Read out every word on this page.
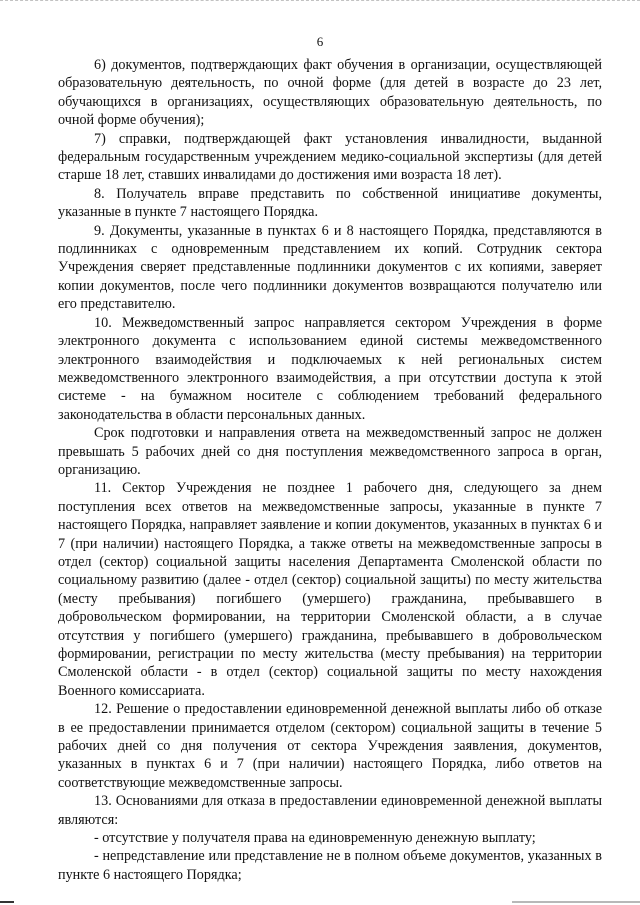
6

6) документов, подтверждающих факт обучения в организации, осуществляющей образовательную деятельность, по очной форме (для детей в возрасте до 23 лет, обучающихся в организациях, осуществляющих образовательную деятельность, по очной форме обучения);

7) справки, подтверждающей факт установления инвалидности, выданной федеральным государственным учреждением медико-социальной экспертизы (для детей старше 18 лет, ставших инвалидами до достижения ими возраста 18 лет).

8. Получатель вправе представить по собственной инициативе документы, указанные в пункте 7 настоящего Порядка.

9. Документы, указанные в пунктах 6 и 8 настоящего Порядка, представляются в подлинниках с одновременным представлением их копий. Сотрудник сектора Учреждения сверяет представленные подлинники документов с их копиями, заверяет копии документов, после чего подлинники документов возвращаются получателю или его представителю.

10. Межведомственный запрос направляется сектором Учреждения в форме электронного документа с использованием единой системы межведомственного электронного взаимодействия и подключаемых к ней региональных систем межведомственного электронного взаимодействия, а при отсутствии доступа к этой системе - на бумажном носителе с соблюдением требований федерального законодательства в области персональных данных.

Срок подготовки и направления ответа на межведомственный запрос не должен превышать 5 рабочих дней со дня поступления межведомственного запроса в орган, организацию.

11. Сектор Учреждения не позднее 1 рабочего дня, следующего за днем поступления всех ответов на межведомственные запросы, указанные в пункте 7 настоящего Порядка, направляет заявление и копии документов, указанных в пунктах 6 и 7 (при наличии) настоящего Порядка, а также ответы на межведомственные запросы в отдел (сектор) социальной защиты населения Департамента Смоленской области по социальному развитию (далее - отдел (сектор) социальной защиты) по месту жительства (месту пребывания) погибшего (умершего) гражданина, пребывавшего в добровольческом формировании, на территории Смоленской области, а в случае отсутствия у погибшего (умершего) гражданина, пребывавшего в добровольческом формировании, регистрации по месту жительства (месту пребывания) на территории Смоленской области - в отдел (сектор) социальной защиты по месту нахождения Военного комиссариата.

12. Решение о предоставлении единовременной денежной выплаты либо об отказе в ее предоставлении принимается отделом (сектором) социальной защиты в течение 5 рабочих дней со дня получения от сектора Учреждения заявления, документов, указанных в пунктах 6 и 7 (при наличии) настоящего Порядка, либо ответов на соответствующие межведомственные запросы.

13. Основаниями для отказа в предоставлении единовременной денежной выплаты являются:

- отсутствие у получателя права на единовременную денежную выплату;

- непредставление или представление не в полном объеме документов, указанных в пункте 6 настоящего Порядка;
